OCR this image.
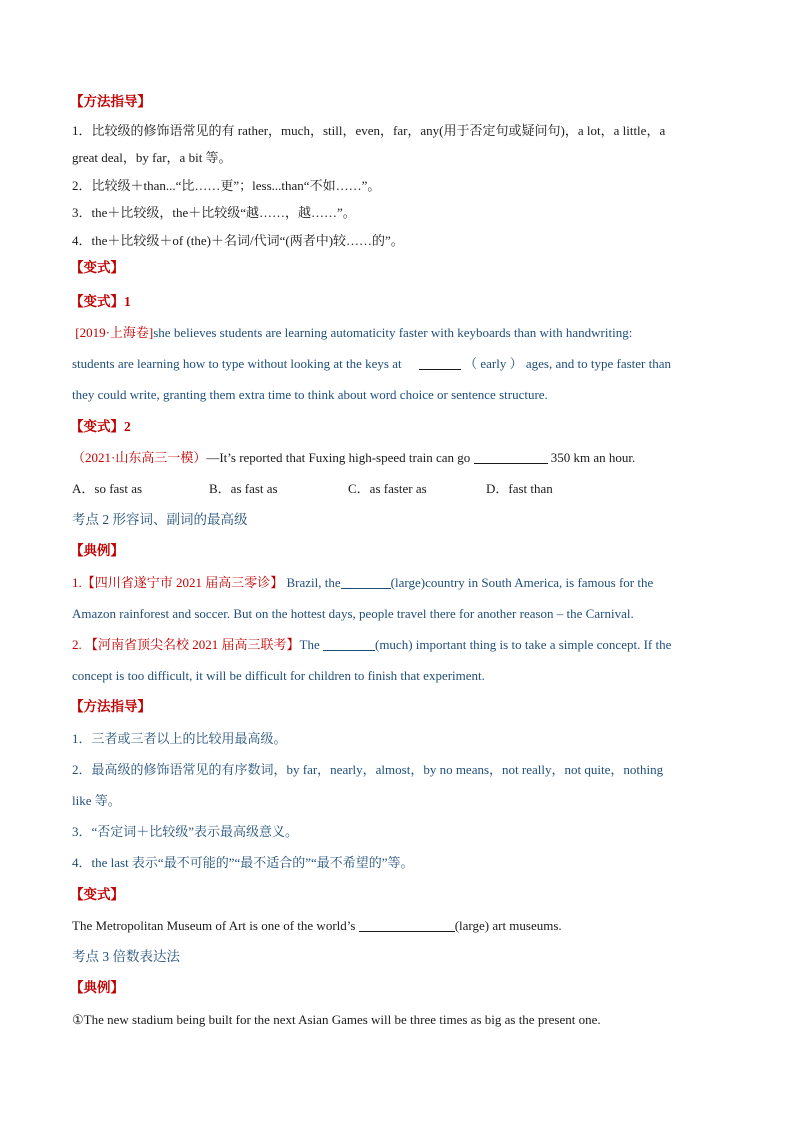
【方法指导】
1．比较级的修饰语常见的有 rather，much，still，even，far，any(用于否定句或疑问句)，a lot，a little，a
great deal，by far，a bit 等。
2．比较级＋than...“比……更”；less...than“不如……”。
3．the＋比较级，the＋比较级“越……，越……”。
4．the＋比较级＋of (the)＋名词/代词“(两者中)较……的”。
【变式】
【变式】1
[2019·上海卷]she believes students are learning automaticity faster with keyboards than with handwriting:
students are learning how to type without looking at the keys at	（ early ） ages, and to type faster than
they could write, granting them extra time to think about word choice or sentence structure.
【变式】2
（2021·山东高三一模）—It’s reported that Fuxing high-speed train can go	350 km an hour.
A．so fast as	B．as fast as	C．as faster as	D．fast than
考点 2 形容词、副词的最高级
【典例】
1.【四川省遂宁市 2021 届高三零诊】 Brazil, the	(large)country in South America, is famous for the
Amazon rainforest and soccer. But on the hottest days, people travel there for another reason – the Carnival.
2. 【河南省顶尖名校 2021 届高三联考】The	(much) important thing is to take a simple concept. If the
concept is too difficult, it will be difficult for children to finish that experiment.
【方法指导】
1．三者或三者以上的比较用最高级。
2．最高级的修饰语常见的有序数词，by far，nearly，almost，by no means，not really，not quite，nothing
like 等。
3．“否定词＋比较级”表示最高级意义。
4．the last 表示“最不可能的”“最不适合的”“最不希望的”等。
【变式】
The Metropolitan Museum of Art is one of the world’s	(large) art museums.
考点 3 倍数表达法
【典例】
①The new stadium being built for the next Asian Games will be three times as big as the present one.
